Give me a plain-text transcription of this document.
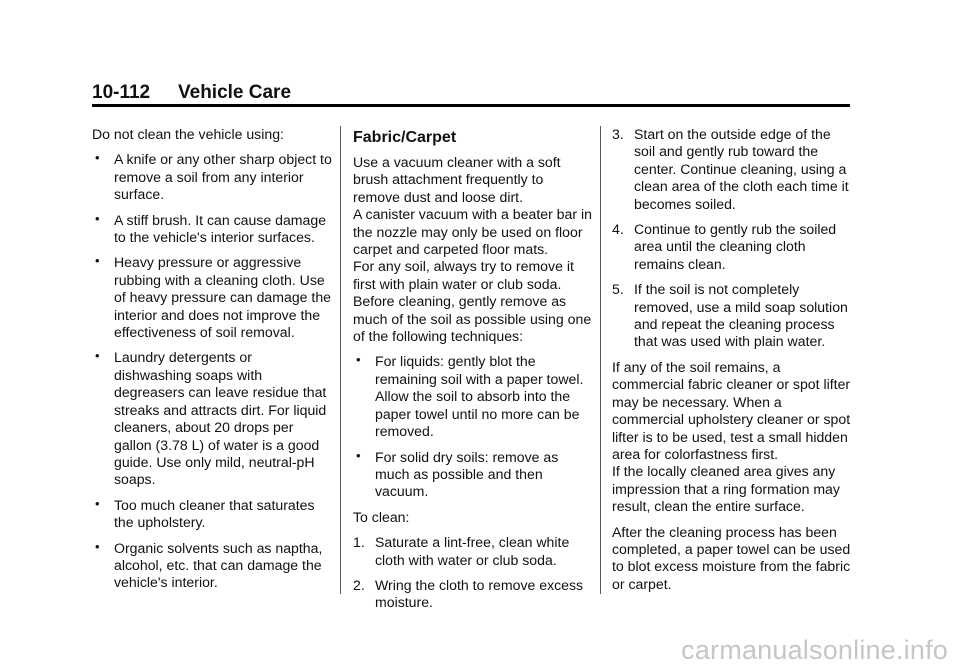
10-112 Vehicle Care

Do not clean the vehicle using:

• A knife or any other sharp object to remove a soil from any interior surface.
• A stiff brush. It can cause damage to the vehicle's interior surfaces.
• Heavy pressure or aggressive rubbing with a cleaning cloth. Use of heavy pressure can damage the interior and does not improve the effectiveness of soil removal.
• Laundry detergents or dishwashing soaps with degreasers can leave residue that streaks and attracts dirt. For liquid cleaners, about 20 drops per gallon (3.78 L) of water is a good guide. Use only mild, neutral-pH soaps.
• Too much cleaner that saturates the upholstery.
• Organic solvents such as naptha, alcohol, etc. that can damage the vehicle's interior.
Fabric/Carpet

Use a vacuum cleaner with a soft brush attachment frequently to remove dust and loose dirt.

A canister vacuum with a beater bar in the nozzle may only be used on floor carpet and carpeted floor mats.

For any soil, always try to remove it first with plain water or club soda. Before cleaning, gently remove as much of the soil as possible using one of the following techniques:

• For liquids: gently blot the remaining soil with a paper towel. Allow the soil to absorb into the paper towel until no more can be removed.
• For solid dry soils: remove as much as possible and then vacuum.

To clean:

1. Saturate a lint-free, clean white cloth with water or club soda.
2. Wring the cloth to remove excess moisture.
3. Start on the outside edge of the soil and gently rub toward the center. Continue cleaning, using a clean area of the cloth each time it becomes soiled.
4. Continue to gently rub the soiled area until the cleaning cloth remains clean.
5. If the soil is not completely removed, use a mild soap solution and repeat the cleaning process that was used with plain water.

If any of the soil remains, a commercial fabric cleaner or spot lifter may be necessary. When a commercial upholstery cleaner or spot lifter is to be used, test a small hidden area for colorfastness first.

If the locally cleaned area gives any impression that a ring formation may result, clean the entire surface.

After the cleaning process has been completed, a paper towel can be used to blot excess moisture from the fabric or carpet.

carmanualsonline.info
